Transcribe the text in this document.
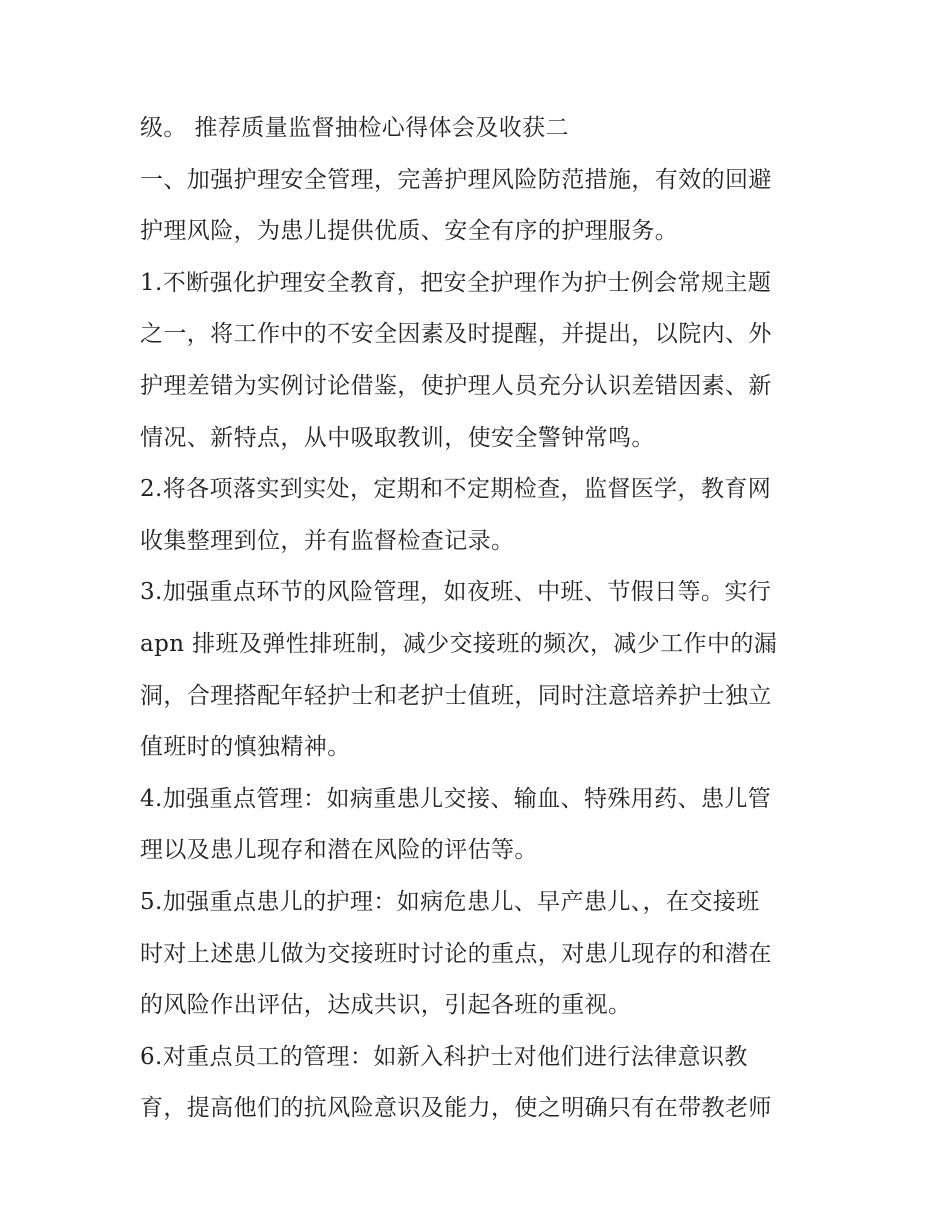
级。 推荐质量监督抽检心得体会及收获二
一、加强护理安全管理，完善护理风险防范措施，有效的回避
护理风险，为患儿提供优质、安全有序的护理服务。
1.不断强化护理安全教育，把安全护理作为护士例会常规主题
之一，将工作中的不安全因素及时提醒，并提出，以院内、外
护理差错为实例讨论借鉴，使护理人员充分认识差错因素、新
情况、新特点，从中吸取教训，使安全警钟常鸣。
2.将各项落实到实处，定期和不定期检查，监督医学，教育网
收集整理到位，并有监督检查记录。
3.加强重点环节的风险管理，如夜班、中班、节假日等。实行
apn 排班及弹性排班制，减少交接班的频次，减少工作中的漏
洞，合理搭配年轻护士和老护士值班，同时注意培养护士独立
值班时的慎独精神。
4.加强重点管理：如病重患儿交接、输血、特殊用药、患儿管
理以及患儿现存和潜在风险的评估等。
5.加强重点患儿的护理：如病危患儿、早产患儿、，在交接班
时对上述患儿做为交接班时讨论的重点，对患儿现存的和潜在
的风险作出评估，达成共识，引起各班的重视。
6.对重点员工的管理：如新入科护士对他们进行法律意识教
育，提高他们的抗风险意识及能力，使之明确只有在带教老师
